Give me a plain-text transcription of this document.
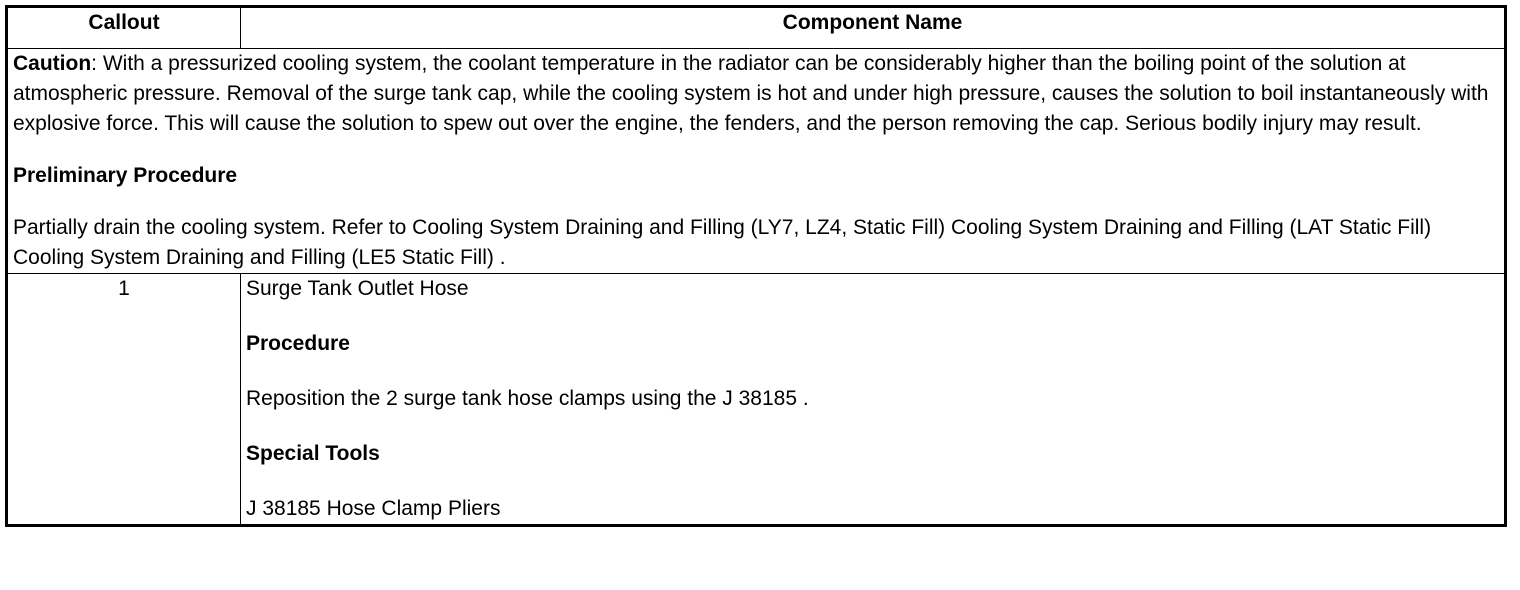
Callout	Component Name

Caution: With a pressurized cooling system, the coolant temperature in the radiator can be considerably higher than the boiling point of the solution at atmospheric pressure. Removal of the surge tank cap, while the cooling system is hot and under high pressure, causes the solution to boil instantaneously with explosive force. This will cause the solution to spew out over the engine, the fenders, and the person removing the cap. Serious bodily injury may result.

Preliminary Procedure

Partially drain the cooling system. Refer to Cooling System Draining and Filling (LY7, LZ4, Static Fill) Cooling System Draining and Filling (LAT Static Fill) Cooling System Draining and Filling (LE5 Static Fill) .	

1	Surge Tank Outlet Hose

Procedure

Reposition the 2 surge tank hose clamps using the J 38185 .

Special Tools

J 38185 Hose Clamp Pliers
